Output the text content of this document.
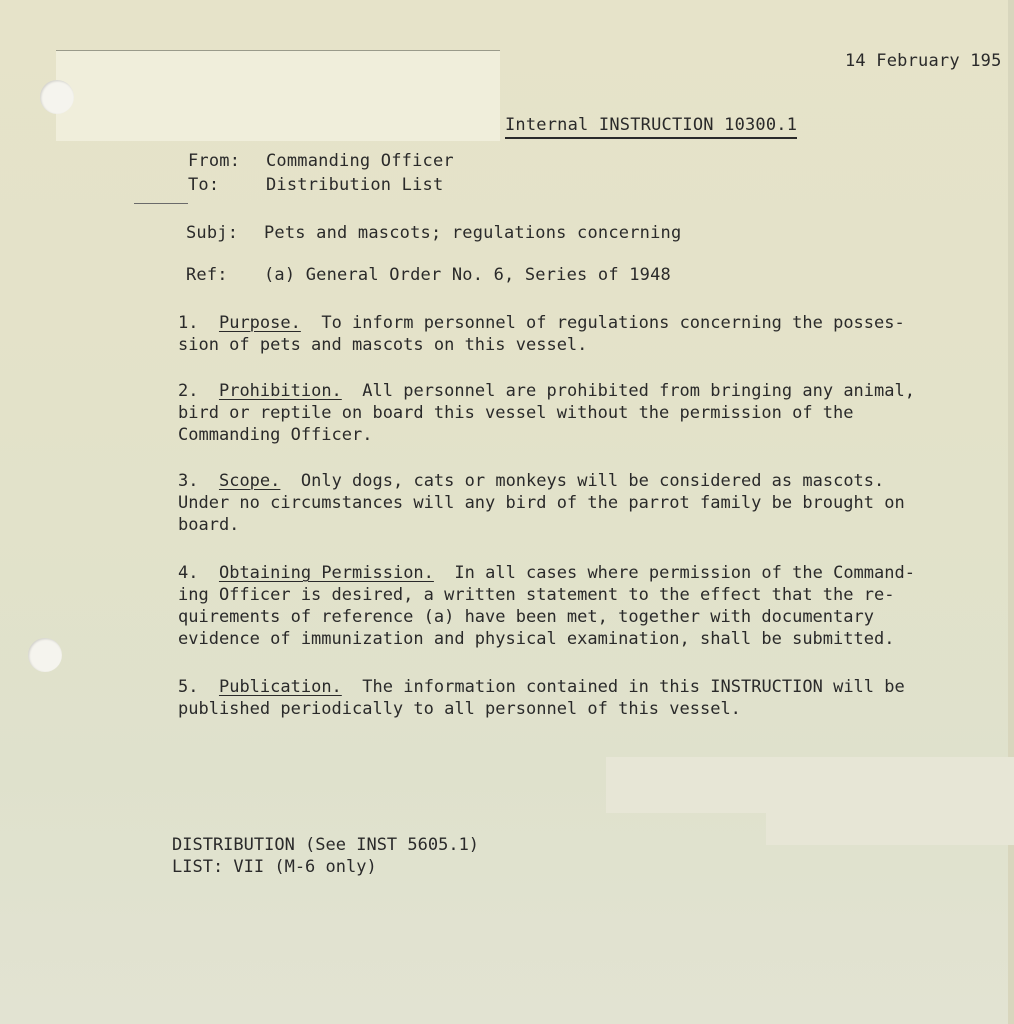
14 February 195
Internal INSTRUCTION 10300.1
From: Commanding Officer
To:	Distribution List
Subj: Pets and mascots; regulations concerning
Ref: (a) General Order No. 6, Series of 1948
1. Purpose. To inform personnel of regulations concerning the posses-
sion of pets and mascots on this vessel.
2. Prohibition. All personnel are prohibited from bringing any animal,
bird or reptile on board this vessel without the permission of the
Commanding Officer.
3. Scope. Only dogs, cats or monkeys will be considered as mascots.
Under no circumstances will any bird of the parrot family be brought on
board.
4. Obtaining Permission. In all cases where permission of the Command-
ing Officer is desired, a written statement to the effect that the re-
quirements of reference (a) have been met, together with documentary
evidence of immunization and physical examination, shall be submitted.
5. Publication. The information contained in this INSTRUCTION will be
published periodically to all personnel of this vessel.
DISTRIBUTION (See INST 5605.1)
LIST: VII (M-6 only)
